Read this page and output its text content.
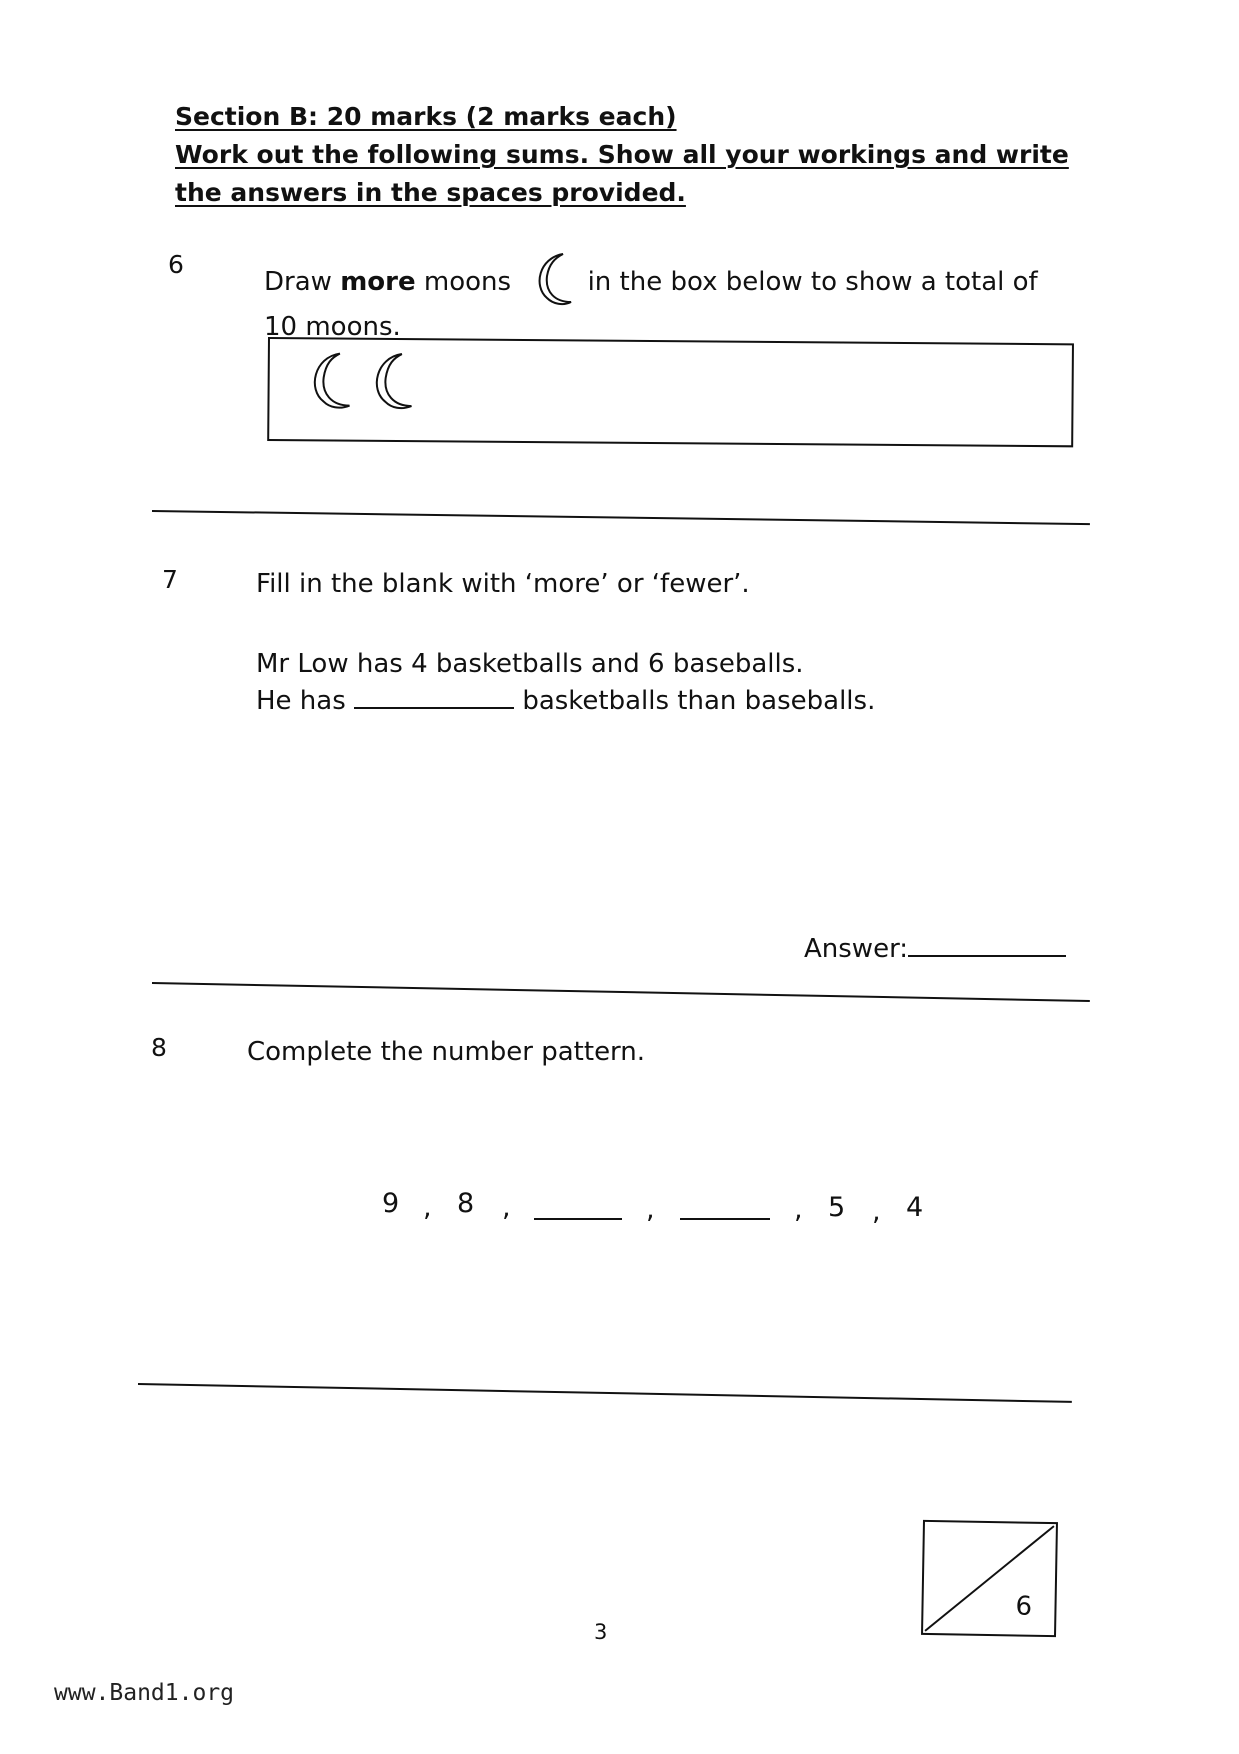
Section B: 20 marks (2 marks each)
Work out the following sums. Show all your workings and write
the answers in the spaces provided.
6
Draw more moons	in the box below to show a total of
10 moons.
7	Fill in the blank with ‘more’ or ‘fewer’.
Mr Low has 4 basketballs and 6 baseballs.
He has	basketballs than baseballs.
Answer:
8	Complete the number pattern.
9 , 8 ,	,	, 5 , 4
6
3
www.Band1.org
